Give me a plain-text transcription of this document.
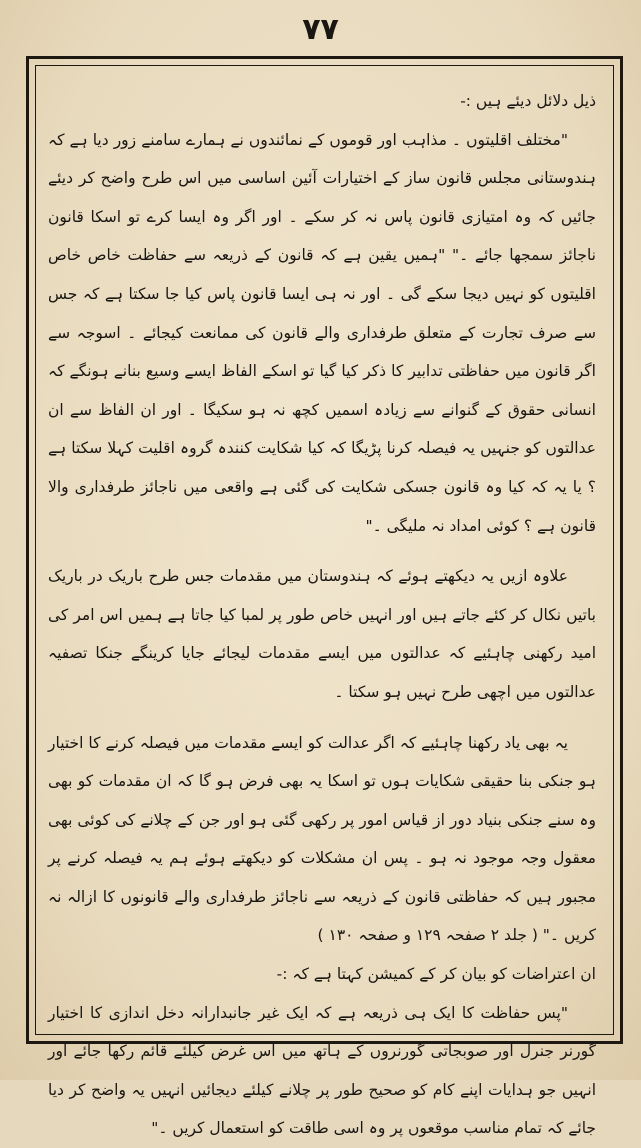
۷۷

ذیل دلائل دیئے ہیں :-

"مختلف اقلیتوں ۔ مذاہب اور قوموں کے نمائندوں نے ہمارے سامنے زور دیا ہے کہ ہندوستانی مجلس قانون ساز کے اختیارات آئین اساسی میں اس طرح واضح کر دیئے جائیں کہ وہ امتیازی قانون پاس نہ کر سکے ۔ اور اگر وہ ایسا کرے تو اسکا قانون ناجائز سمجھا جائے ۔" "ہمیں یقین ہے کہ قانون کے ذریعہ سے حفاظت خاص خاص اقلیتوں کو نہیں دیجا سکے گی ۔ اور نہ ہی ایسا قانون پاس کیا جا سکتا ہے کہ جس سے صرف تجارت کے متعلق طرفداری والے قانون کی ممانعت کیجائے ۔ اسوجہ سے اگر قانون میں حفاظتی تدابیر کا ذکر کیا گیا تو اسکے الفاظ ایسے وسیع بنانے ہونگے کہ انسانی حقوق کے گنوانے سے زیادہ اسمیں کچھ نہ ہو سکیگا ۔ اور ان الفاظ سے ان عدالتوں کو جنہیں یہ فیصلہ کرنا پڑیگا کہ کیا شکایت کنندہ گروہ اقلیت کہلا سکتا ہے ؟ یا یہ کہ کیا وہ قانون جسکی شکایت کی گئی ہے واقعی میں ناجائز طرفداری والا قانون ہے ؟ کوئی امداد نہ ملیگی ۔"

علاوہ ازیں یہ دیکھتے ہوئے کہ ہندوستان میں مقدمات جس طرح باریک در باریک باتیں نکال کر کئے جاتے ہیں اور انہیں خاص طور پر لمبا کیا جاتا ہے ہمیں اس امر کی امید رکھنی چاہئیے کہ عدالتوں میں ایسے مقدمات لیجائے جایا کرینگے جنکا تصفیہ عدالتوں میں اچھی طرح نہیں ہو سکتا ۔

یہ بھی یاد رکھنا چاہئیے کہ اگر عدالت کو ایسے مقدمات میں فیصلہ کرنے کا اختیار ہو جنکی بنا حقیقی شکایات ہوں تو اسکا یہ بھی فرض ہو گا کہ ان مقدمات کو بھی وہ سنے جنکی بنیاد دور از قیاس امور پر رکھی گئی ہو اور جن کے چلانے کی کوئی بھی معقول وجہ موجود نہ ہو ۔ پس ان مشکلات کو دیکھتے ہوئے ہم یہ فیصلہ کرنے پر مجبور ہیں کہ حفاظتی قانون کے ذریعہ سے ناجائز طرفداری والے قانونوں کا ازالہ نہ کریں ۔" ( جلد ۲ صفحہ ۱۲۹ و صفحہ ۱۳۰ )

ان اعتراضات کو بیان کر کے کمیشن کہتا ہے کہ :-

"پس حفاظت کا ایک ہی ذریعہ ہے کہ ایک غیر جانبدارانہ دخل اندازی کا اختیار گورنر جنرل اور صوبجاتی گورنروں کے ہاتھ میں اس غرض کیلئے قائم رکھا جائے اور انہیں جو ہدایات اپنے کام کو صحیح طور پر چلانے کیلئے دیجائیں انہیں یہ واضح کر دیا جائے کہ تمام مناسب موقعوں پر وہ اسی طاقت کو استعمال کریں ۔"
